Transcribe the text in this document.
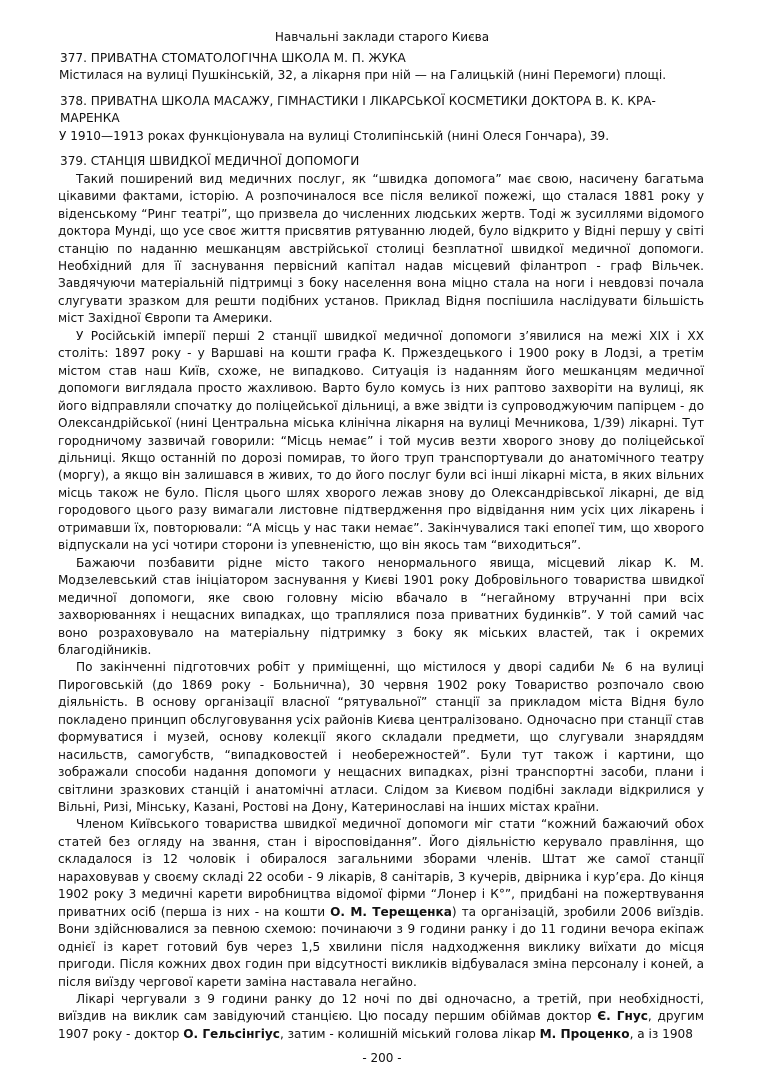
Навчальні заклади старого Києва

377. ПРИВАТНА СТОМАТОЛОГІЧНА ШКОЛА М. П. ЖУКА

Містилася на вулиці Пушкінській, 32, а лікарня при ній — на Галицькій (нині Перемоги) площі.

378. ПРИВАТНА ШКОЛА МАСАЖУ, ГІМНАСТИКИ І ЛІКАРСЬКОЇ КОСМЕТИКИ ДОКТОРА В. К. КРА-МАРЕНКА

У 1910—1913 роках функціонувала на вулиці Столипінській (нині Олеся Гончара), 39.

379. СТАНЦІЯ ШВИДКОЇ МЕДИЧНОЇ ДОПОМОГИ

Такий поширений вид медичних послуг, як “швидка допомога” має свою, насичену багатьма цікавими фактами, історію. А розпочиналося все після великої пожежі, що сталася 1881 року у віденському “Ринг театрі”, що призвела до численних людських жертв. Тоді ж зусиллями відомого доктора Мунді, що усе своє життя присвятив рятуванню людей, було відкрито у Відні першу у світі станцію по наданню мешканцям австрійської столиці безплатної швидкої медичної допомоги. Необхідний для її заснування первісний капітал надав місцевий філантроп - граф Вільчек. Завдячуючи матеріальній підтримці з боку населення вона міцно стала на ноги і невдовзі почала слугувати зразком для решти подібних установ. Приклад Відня поспішила наслідувати більшість міст Західної Європи та Америки.

У Російській імперії перші 2 станції швидкої медичної допомоги з’явилися на межі XIX і XX століть: 1897 року - у Варшаві на кошти графа К. Пржездецького і 1900 року в Лодзі, а третім містом став наш Київ, схоже, не випадково. Ситуація із наданням його мешканцям медичної допомоги виглядала просто жахливою. Варто було комусь із них раптово захворіти на вулиці, як його відправляли спочатку до поліцейської дільниці, а вже звідти із супроводжуючим папірцем - до Олександрійської (нині Центральна міська клінічна лікарня на вулиці Мечникова, 1/39) лікарні. Тут городничому зазвичай говорили: “Місць немає” і той мусив везти хворого знову до поліцейської дільниці. Якщо останній по дорозі помирав, то його труп транспортували до анатомічного театру (моргу), а якщо він залишався в живих, то до його послуг були всі інші лікарні міста, в яких вільних місць також не було. Після цього шлях хворого лежав знову до Олександрівської лікарні, де від городового цього разу вимагали листовне підтвердження про відвідання ним усіх цих лікарень і отримавши їх, повторювали: “А місць у нас таки немає”. Закінчувалися такі епопеї тим, що хворого відпускали на усі чотири сторони із упевненістю, що він якось там “виходиться”.

Бажаючи позбавити рідне місто такого ненормального явища, місцевий лікар К. М. Модзелевський став ініціатором заснування у Києві 1901 року Добровільного товариства швидкої медичної допомоги, яке свою головну місію вбачало в “негайному втручанні при всіх захворюваннях і нещасних випадках, що траплялися поза приватних будинків”. У той самий час воно розраховувало на матеріальну підтримку з боку як міських властей, так і окремих благодійників.

По закінченні підготовчих робіт у приміщенні, що містилося у дворі садиби № 6 на вулиці Пироговській (до 1869 року - Больнична), 30 червня 1902 року Товариство розпочало свою діяльність. В основу організації власної “рятувальної” станції за прикладом міста Відня було покладено принцип обслуговування усіх районів Києва централізовано. Одночасно при станції став формуватися і музей, основу колекції якого складали предмети, що слугували знаряддям насильств, самогубств, “випадковостей і необережностей”. Були тут також і картини, що зображали способи надання допомоги у нещасних випадках, різні транспортні засоби, плани і світлини зразкових станцій і анатомічні атласи. Слідом за Києвом подібні заклади відкрилися у Вільні, Ризі, Мінську, Казані, Ростові на Дону, Катеринославі на інших містах країни.

Членом Київського товариства швидкої медичної допомоги міг стати “кожний бажаючий обох статей без огляду на звання, стан і віросповідання”. Його діяльністю керувало правління, що складалося із 12 чоловік і обиралося загальними зборами членів. Штат же самої станції нараховував у своєму складі 22 особи - 9 лікарів, 8 санітарів, 3 кучерів, двірника і кур’єра. До кінця 1902 року 3 медичні карети виробництва відомої фірми “Лонер і К°”, придбані на пожертвування приватних осіб (перша із них - на кошти О. М. Терещенка) та організацій, зробили 2006 виїздів. Вони здійснювалися за певною схемою: починаючи з 9 години ранку і до 11 години вечора екіпаж однієї із карет готовий був через 1,5 хвилини після надходження виклику виїхати до місця пригоди. Після кожних двох годин при відсутності викликів відбувалася зміна персоналу і коней, а після виїзду чергової карети заміна наставала негайно.

Лікарі чергували з 9 години ранку до 12 ночі по дві одночасно, а третій, при необхідності, виїздив на виклик сам завідуючий станцією. Цю посаду першим обіймав доктор Є. Гнус, другим 1907 року - доктор О. Гельсінгіус, затим - колишній міський голова лікар М. Проценко, а із 1908

- 200 -
